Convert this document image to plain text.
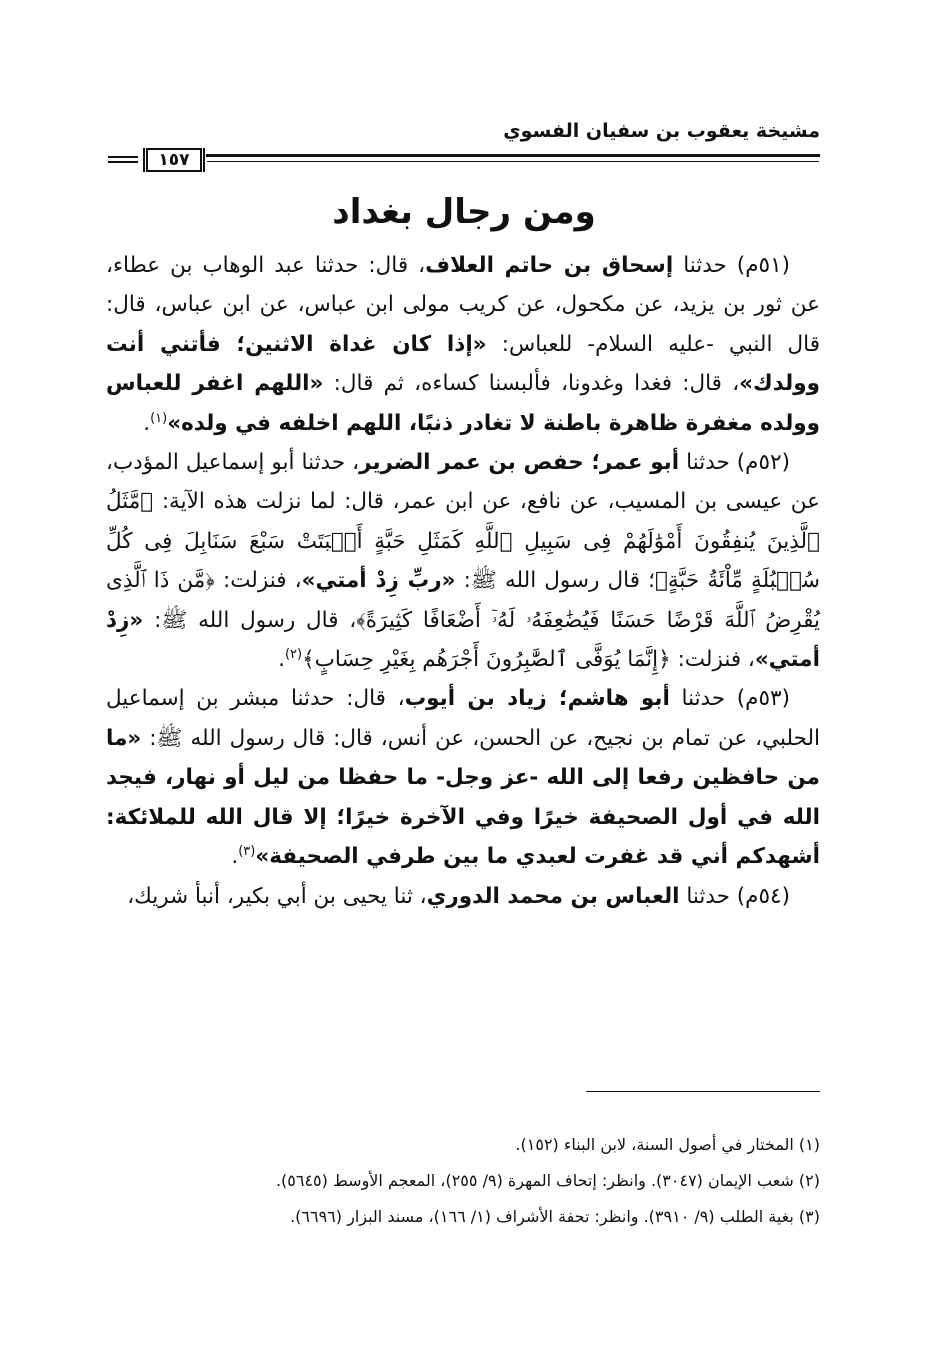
مشيخة يعقوب بن سفيان الفسوي
١٥٧
ومن رجال بغداد

(٥١م) حدثنا إسحاق بن حاتم العلاف، قال: حدثنا عبد الوهاب بن عطاء، عن ثور بن يزيد، عن مكحول، عن كريب مولى ابن عباس، عن ابن عباس، قال: قال النبي -عليه السلام- للعباس: «إذا كان غداة الاثنين؛ فأتني أنت وولدك»، قال: فغدا وغدونا، فألبسنا كساءه، ثم قال: «اللهم اغفر للعباس وولده مغفرة ظاهرة باطنة لا تغادر ذنبًا، اللهم اخلفه في ولده»$^{(١)}$.

(٥٢م) حدثنا أبو عمر؛ حفص بن عمر الضرير، حدثنا أبو إسماعيل المؤدب، عن عيسى بن المسيب، عن نافع، عن ابن عمر، قال: لما نزلت هذه الآية: ﴿مَّثَلُ ٱلَّذِينَ يُنفِقُونَ أَمْوَٰلَهُمْ فِى سَبِيلِ ٱللَّهِ كَمَثَلِ حَبَّةٍ أَنۢبَتَتْ سَبْعَ سَنَابِلَ فِى كُلِّ سُنۢبُلَةٍ مِّاْئَةُ حَبَّةٍ﴾؛ قال رسول الله ﷺ: «ربِّ زِدْ أمتي»، فنزلت: ﴿مَّن ذَا ٱلَّذِى يُقْرِضُ ٱللَّهَ قَرْضًا حَسَنًا فَيُضَٰعِفَهُۥ لَهُۥٓ أَضْعَافًا كَثِيرَةً﴾، قال رسول الله ﷺ: «زِدْ أمتي»، فنزلت: ﴿إِنَّمَا يُوَفَّى ٱلصَّٰبِرُونَ أَجْرَهُم بِغَيْرِ حِسَابٍ﴾$^{(٢)}$.

(٥٣م) حدثنا أبو هاشم؛ زياد بن أيوب، قال: حدثنا مبشر بن إسماعيل الحلبي، عن تمام بن نجيح، عن الحسن، عن أنس، قال: قال رسول الله ﷺ: «ما من حافظين رفعا إلى الله -عز وجل- ما حفظا من ليل أو نهار، فيجد الله في أول الصحيفة خيرًا وفي الآخرة خيرًا؛ إلا قال الله للملائكة: أشهدكم أني قد غفرت لعبدي ما بين طرفي الصحيفة»$^{(٣)}$.

(٥٤م) حدثنا العباس بن محمد الدوري، ثنا يحيى بن أبي بكير، أنبأ شريك،

(١) المختار في أصول السنة، لابن البناء (١٥٢).
(٢) شعب الإيمان (٣٠٤٧). وانظر: إتحاف المهرة (٩/ ٢٥٥)، المعجم الأوسط (٥٦٤٥).
(٣) بغية الطلب (٩/ ٣٩١٠). وانظر: تحفة الأشراف (١/ ١٦٦)، مسند البزار (٦٦٩٦).
